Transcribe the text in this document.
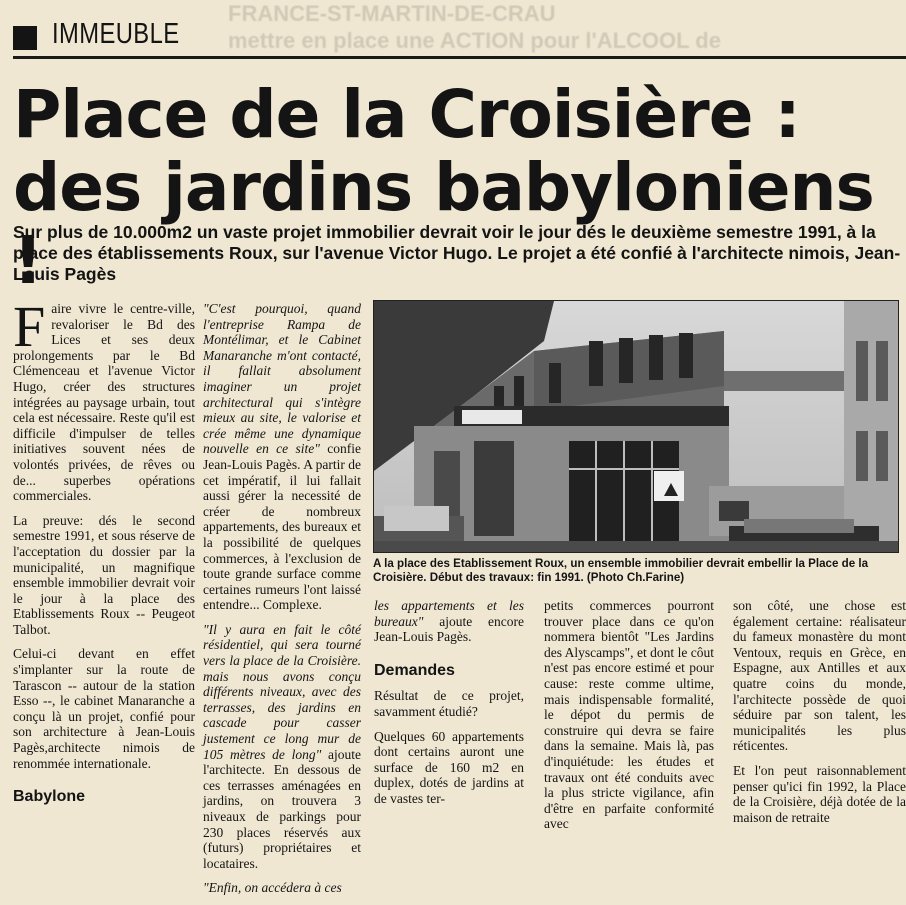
FRANCE-ST-MARTIN-DE-CRAU
mettre en place une ACTION pour l'ALCOOL de
IMMEUBLE
Place de la Croisière : des jardins babyloniens !

Sur plus de 10.000m2 un vaste projet immobilier devrait voir le jour dés le deuxième semestre 1991, à la place des établissements Roux, sur l'avenue Victor Hugo. Le projet a été confié à l'architecte nimois, Jean-Louis Pagès

Faire vivre le centre-ville, revaloriser le Bd des Lices et ses deux prolongements par le Bd Clémenceau et l'avenue Victor Hugo, créer des structures intégrées au paysage urbain, tout cela est nécessaire. Reste qu'il est difficile d'impulser de telles initiatives souvent nées de volontés privées, de rêves ou de... superbes opérations commerciales.

La preuve: dés le second semestre 1991, et sous réserve de l'acceptation du dossier par la municipalité, un magnifique ensemble immobilier devrait voir le jour à la place des Etablissements Roux -- Peugeot Talbot.

Celui-ci devant en effet s'implanter sur la route de Tarascon -- autour de la station Esso --, le cabinet Manaranche a conçu là un projet, confié pour son architecture à Jean-Louis Pagès,architecte nimois de renommée internationale.

Babylone

"C'est pourquoi, quand l'entreprise Rampa de Montélimar, et le Cabinet Manaranche m'ont contacté, il fallait absolument imaginer un projet architectural qui s'intègre mieux au site, le valorise et crée même une dynamique nouvelle en ce site" confie Jean-Louis Pagès. A partir de cet impératif, il lui fallait aussi gérer la necessité de créer de nombreux appartements, des bureaux et la possibilité de quelques commerces, à l'exclusion de toute grande surface comme certaines rumeurs l'ont laissé entendre... Complexe.

"Il y aura en fait le côté résidentiel, qui sera tourné vers la place de la Croisière. mais nous avons conçu différents niveaux, avec des terrasses, des jardins en cascade pour casser justement ce long mur de 105 mètres de long" ajoute l'architecte. En dessous de ces terrasses aménagées en jardins, on trouvera 3 niveaux de parkings pour 230 places réservés aux (futurs) propriétaires et locataires.

"Enfin, on accédera à ces

A la place des Etablissement Roux, un ensemble immobilier devrait embellir la Place de la Croisière. Début des travaux: fin 1991. (Photo Ch.Farine)

les appartements et les bureaux" ajoute encore Jean-Louis Pagès.

Demandes

Résultat de ce projet, savamment étudié?

Quelques 60 appartements dont certains auront une surface de 160 m2 en duplex, dotés de jardins at de vastes ter-

petits commerces pourront trouver place dans ce qu'on nommera bientôt "Les Jardins des Alyscamps", et dont le côut n'est pas encore estimé et pour cause: reste comme ultime, mais indispensable formalité, le dépot du permis de construire qui devra se faire dans la semaine. Mais là, pas d'inquiétude: les études et travaux ont été conduits avec la plus stricte vigilance, afin d'être en parfaite conformité avec

son côté, une chose est également certaine: réalisateur du fameux monastère du mont Ventoux, requis en Grèce, en Espagne, aux Antilles et aux quatre coins du monde, l'architecte possède de quoi séduire par son talent, les municipalités les plus réticentes.

Et l'on peut raisonnablement penser qu'ici fin 1992, la Place de la Croisière, déjà dotée de la maison de retraite
